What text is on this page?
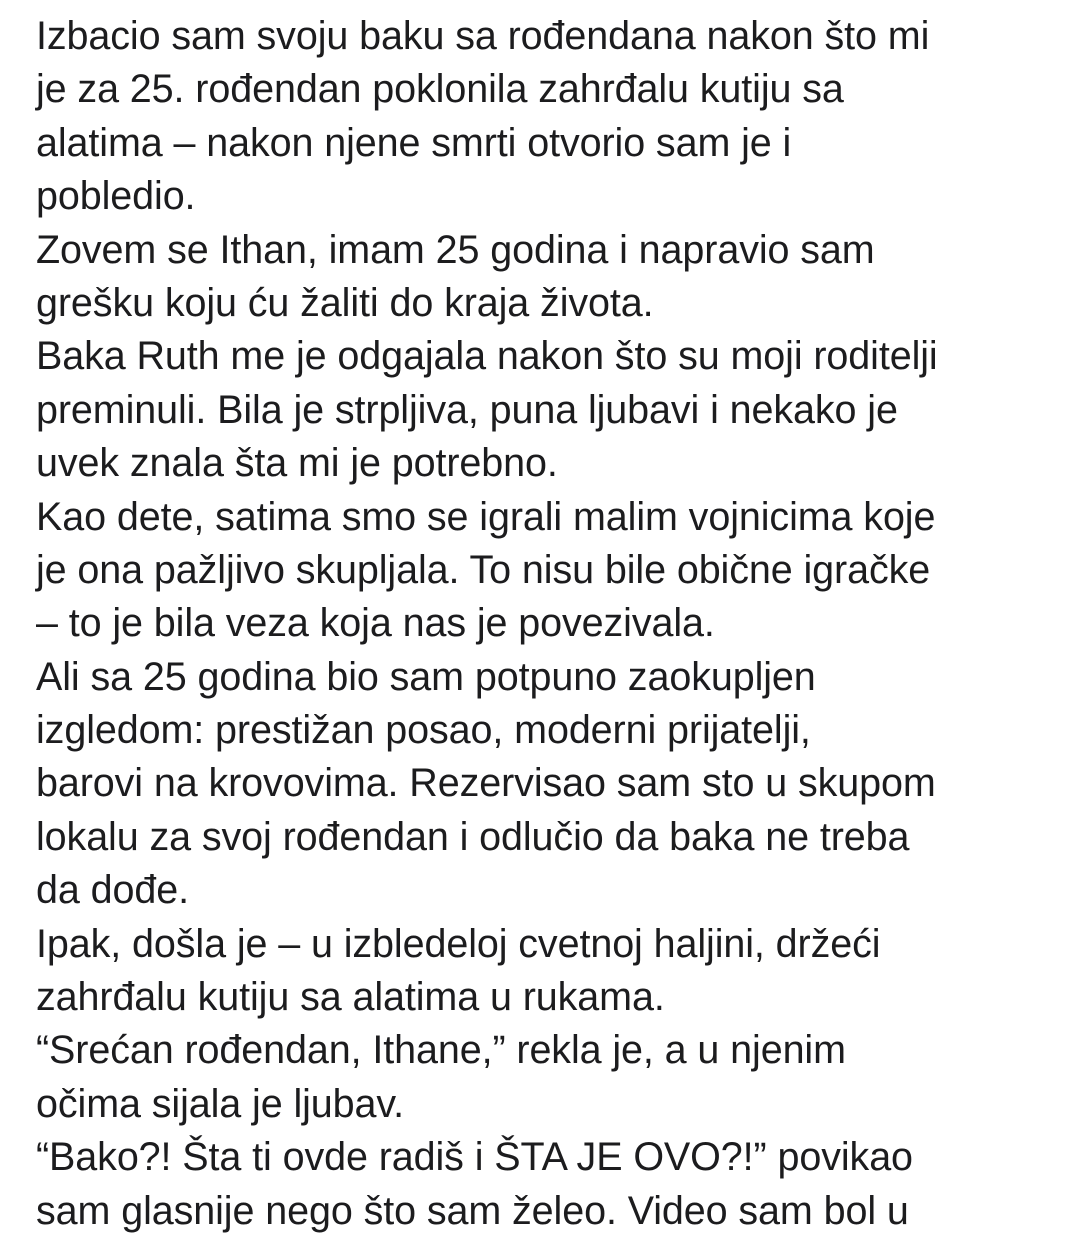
Izbacio sam svoju baku sa rođendana nakon što mi
je za 25. rođendan poklonila zahrđalu kutiju sa
alatima – nakon njene smrti otvorio sam je i
pobledio.
Zovem se Ithan, imam 25 godina i napravio sam
grešku koju ću žaliti do kraja života.
Baka Ruth me je odgajala nakon što su moji roditelji
preminuli. Bila je strpljiva, puna ljubavi i nekako je
uvek znala šta mi je potrebno.
Kao dete, satima smo se igrali malim vojnicima koje
je ona pažljivo skupljala. To nisu bile obične igračke
– to je bila veza koja nas je povezivala.
Ali sa 25 godina bio sam potpuno zaokupljen
izgledom: prestižan posao, moderni prijatelji,
barovi na krovovima. Rezervisao sam sto u skupom
lokalu za svoj rođendan i odlučio da baka ne treba
da dođe.
Ipak, došla je – u izbledeloj cvetnoj haljini, držeći
zahrđalu kutiju sa alatima u rukama.
“Srećan rođendan, Ithane,” rekla je, a u njenim
očima sijala je ljubav.
“Bako?! Šta ti ovde radiš i ŠTA JE OVO?!” povikao
sam glasnije nego što sam želeo. Video sam bol u
